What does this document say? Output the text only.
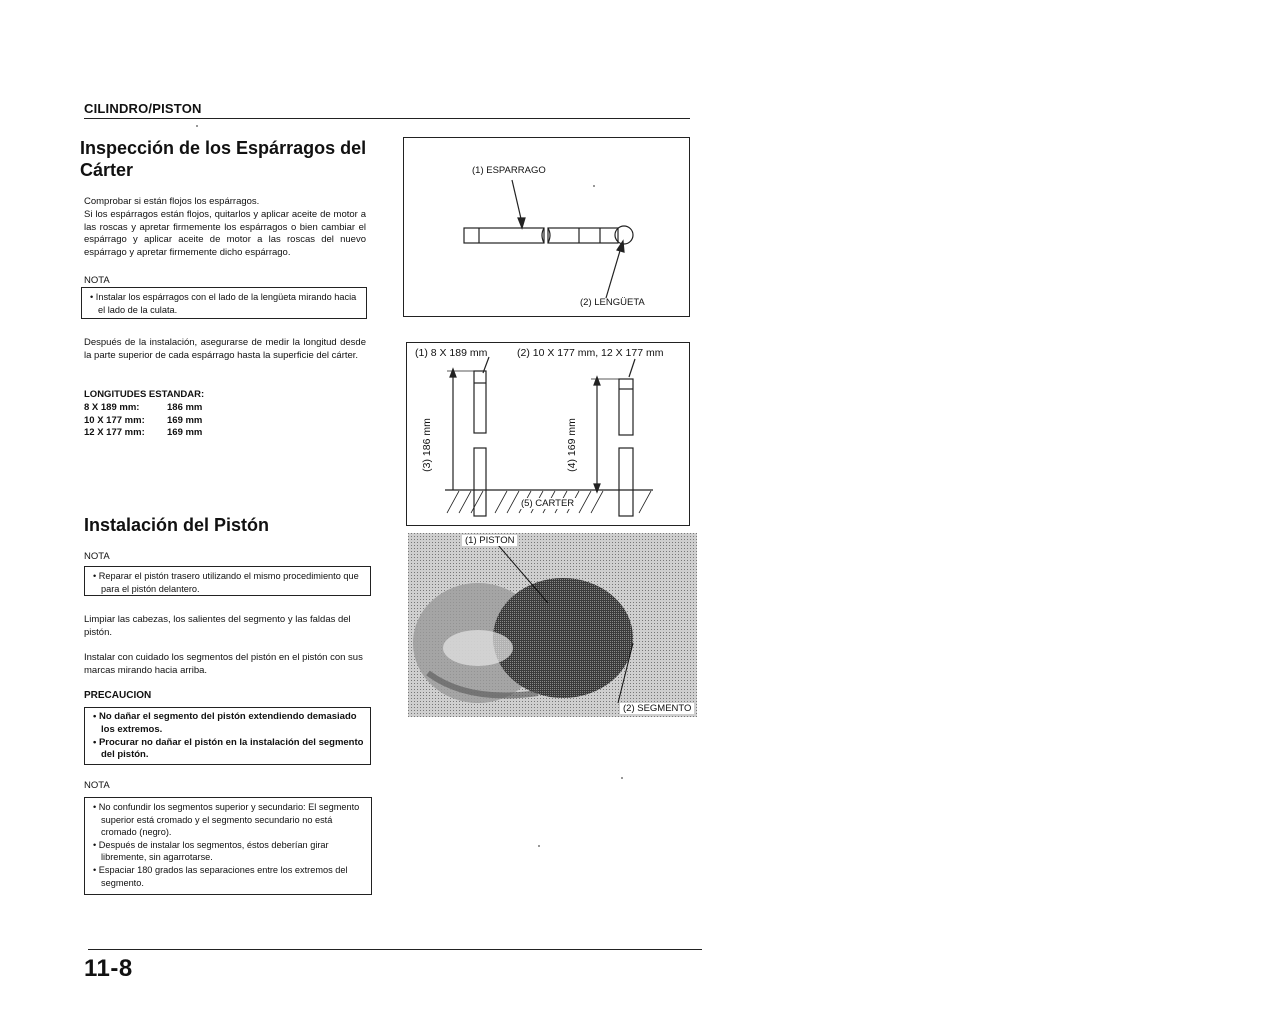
CILINDRO/PISTON
Inspección de los Espárragos del Cárter
Comprobar si están flojos los espárragos.
Si los espárragos están flojos, quitarlos y aplicar aceite de motor a las roscas y apretar firmemente los espárragos o bien cambiar el espárrago y aplicar aceite de motor a las roscas del nuevo espárrago y apretar firmemente dicho espárrago.
NOTA
• Instalar los espárragos con el lado de la lengüeta mirando hacia el lado de la culata.
Después de la instalación, asegurarse de medir la longitud desde la parte superior de cada espárrago hasta la superficie del cárter.
LONGITUDES ESTANDAR:
8 X 189 mm:	186 mm
10 X 177 mm:	169 mm
12 X 177 mm:	169 mm
(1) ESPARRAGO
(2) LENGÜETA
(1) 8 X 189 mm	(2) 10 X 177 mm, 12 X 177 mm
(3) 186 mm	(4) 169 mm
(5) CARTER
(1) PISTON
(2) SEGMENTO
Instalación del Pistón
NOTA
• Reparar el pistón trasero utilizando el mismo procedimiento que para el pistón delantero.
Limpiar las cabezas, los salientes del segmento y las faldas del pistón.
Instalar con cuidado los segmentos del pistón en el pistón con sus marcas mirando hacia arriba.
PRECAUCION
• No dañar el segmento del pistón extendiendo demasiado los extremos.
• Procurar no dañar el pistón en la instalación del segmento del pistón.
NOTA
• No confundir los segmentos superior y secundario: El segmento superior está cromado y el segmento secundario no está cromado (negro).
• Después de instalar los segmentos, éstos deberían girar libremente, sin agarrotarse.
• Espaciar 180 grados las separaciones entre los extremos del segmento.
11-8
